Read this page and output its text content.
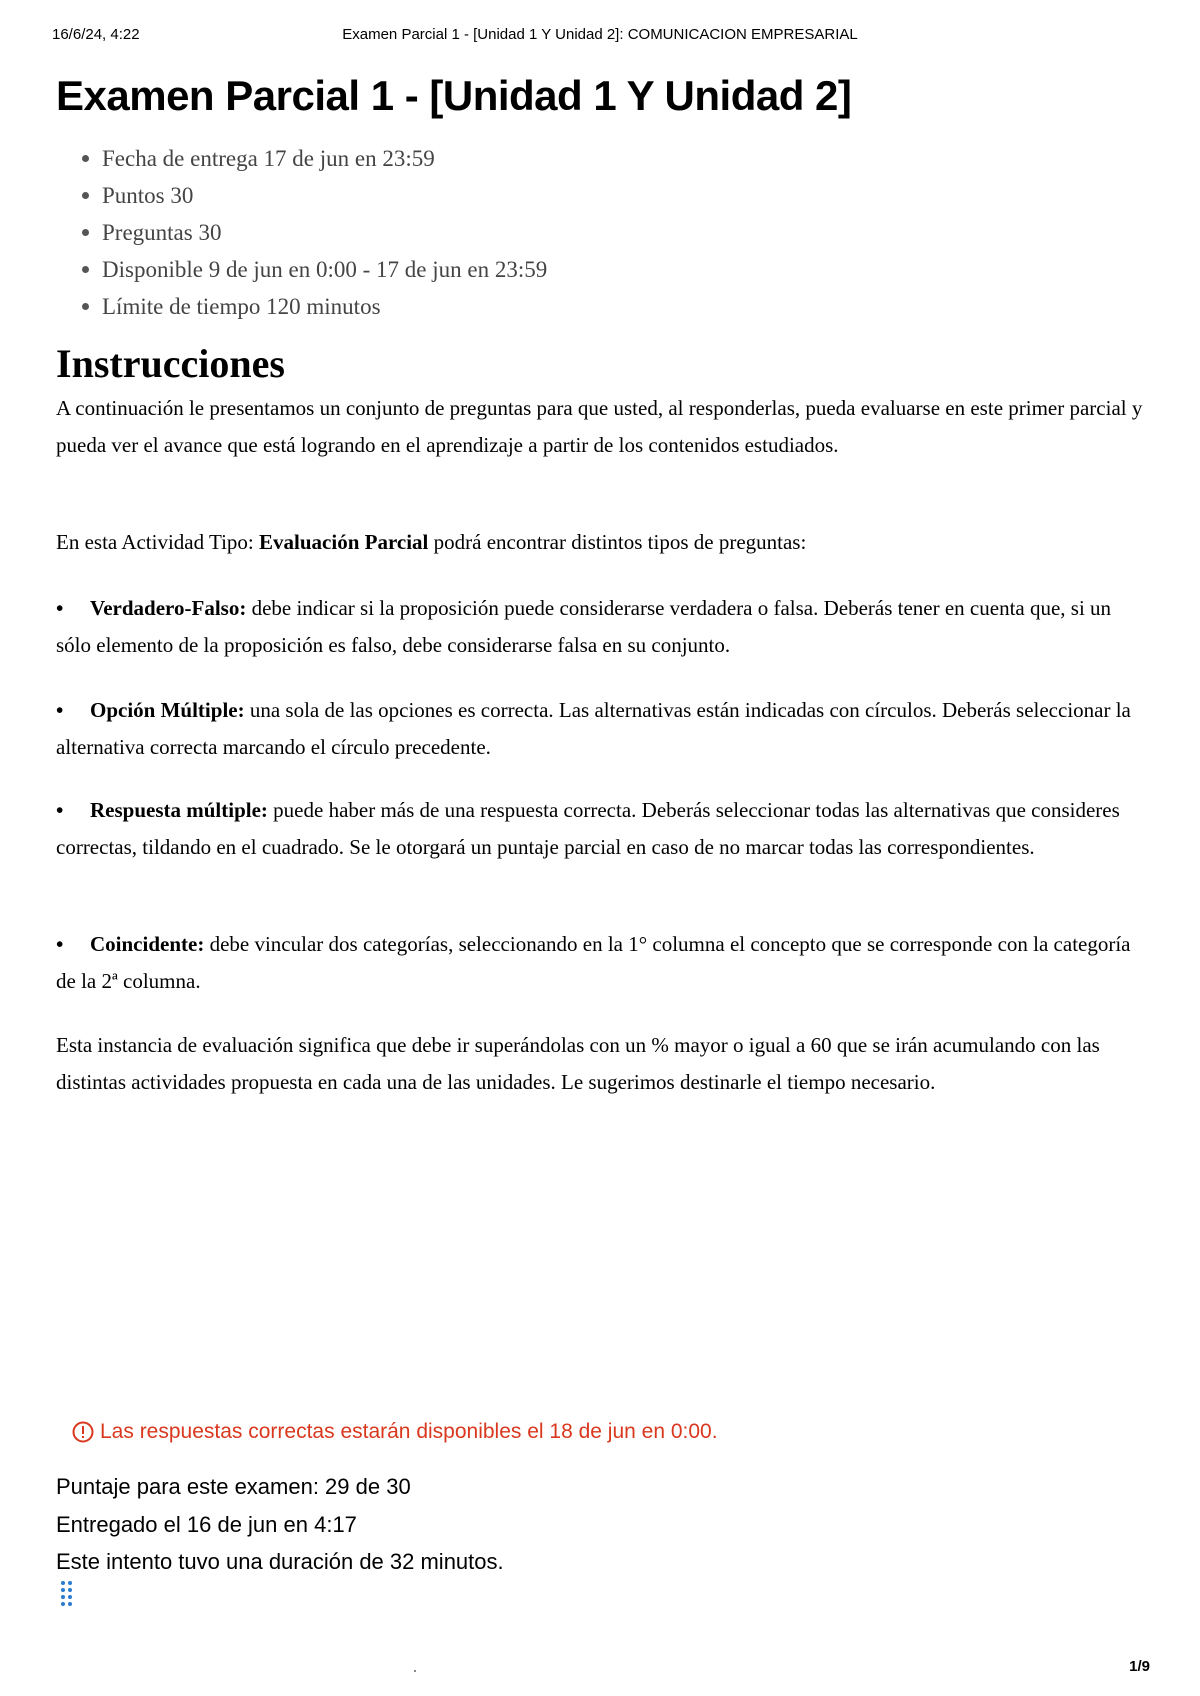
16/6/24, 4:22	Examen Parcial 1 - [Unidad 1 Y Unidad 2]: COMUNICACION EMPRESARIAL
Examen Parcial 1 - [Unidad 1 Y Unidad 2]
Fecha de entrega 17 de jun en 23:59
Puntos 30
Preguntas 30
Disponible 9 de jun en 0:00 - 17 de jun en 23:59
Límite de tiempo 120 minutos
Instrucciones

A continuación le presentamos un conjunto de preguntas para que usted, al responderlas, pueda evaluarse en este primer parcial y pueda ver el avance que está logrando en el aprendizaje a partir de los contenidos estudiados.

En esta Actividad Tipo: Evaluación Parcial podrá encontrar distintos tipos de preguntas:

• Verdadero-Falso: debe indicar si la proposición puede considerarse verdadera o falsa. Deberás tener en cuenta que, si un sólo elemento de la proposición es falso, debe considerarse falsa en su conjunto.

• Opción Múltiple: una sola de las opciones es correcta. Las alternativas están indicadas con círculos. Deberás seleccionar la alternativa correcta marcando el círculo precedente.

• Respuesta múltiple: puede haber más de una respuesta correcta. Deberás seleccionar todas las alternativas que consideres correctas, tildando en el cuadrado. Se le otorgará un puntaje parcial en caso de no marcar todas las correspondientes.

• Coincidente: debe vincular dos categorías, seleccionando en la 1° columna el concepto que se corresponde con la categoría de la 2ª columna.

Esta instancia de evaluación significa que debe ir superándolas con un % mayor o igual a 60 que se irán acumulando con las distintas actividades propuesta en cada una de las unidades. Le sugerimos destinarle el tiempo necesario.

Las respuestas correctas estarán disponibles el 18 de jun en 0:00.
Puntaje para este examen: 29 de 30
Entregado el 16 de jun en 4:17
Este intento tuvo una duración de 32 minutos.
1/9
